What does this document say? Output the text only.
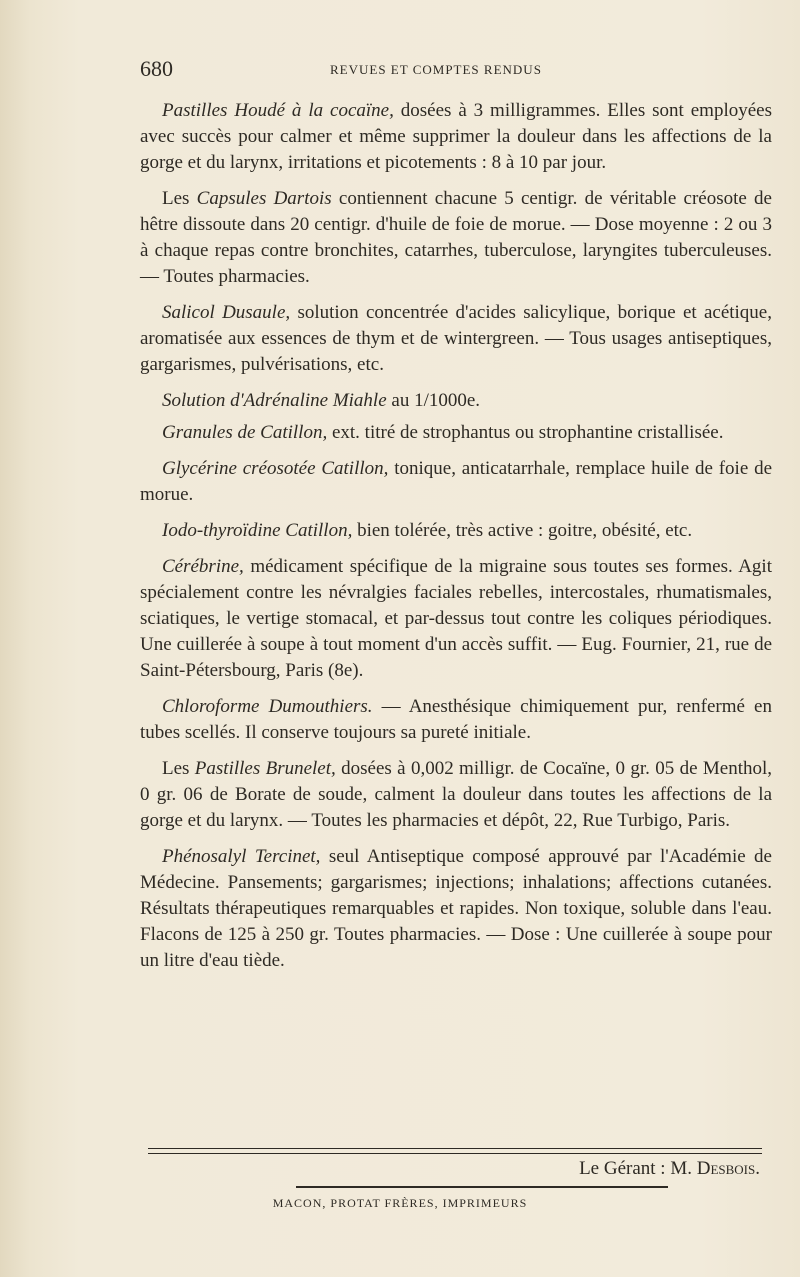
680	REVUES ET COMPTES RENDUS

Pastilles Houdé à la cocaïne, dosées à 3 milligrammes. Elles sont employées avec succès pour calmer et même supprimer la douleur dans les affections de la gorge et du larynx, irritations et picotements : 8 à 10 par jour.

Les Capsules Dartois contiennent chacune 5 centigr. de véritable créosote de hêtre dissoute dans 20 centigr. d'huile de foie de morue. — Dose moyenne : 2 ou 3 à chaque repas contre bronchites, catarrhes, tuberculose, laryngites tuberculeuses. — Toutes pharmacies.

Salicol Dusaule, solution concentrée d'acides salicylique, borique et acétique, aromatisée aux essences de thym et de wintergreen. — Tous usages antiseptiques, gargarismes, pulvérisations, etc.

Solution d'Adrénaline Miahle au 1/1000e.

Granules de Catillon, ext. titré de strophantus ou strophantine cristallisée.

Glycérine créosotée Catillon, tonique, anticatarrhale, remplace huile de foie de morue.

Iodo-thyroïdine Catillon, bien tolérée, très active : goitre, obésité, etc.

Cérébrine, médicament spécifique de la migraine sous toutes ses formes. Agit spécialement contre les névralgies faciales rebelles, intercostales, rhumatismales, sciatiques, le vertige stomacal, et par-dessus tout contre les coliques périodiques. Une cuillerée à soupe à tout moment d'un accès suffit. — Eug. Fournier, 21, rue de Saint-Pétersbourg, Paris (8e).

Chloroforme Dumouthiers. — Anesthésique chimiquement pur, renfermé en tubes scellés. Il conserve toujours sa pureté initiale.

Les Pastilles Brunelet, dosées à 0,002 milligr. de Cocaïne, 0 gr. 05 de Menthol, 0 gr. 06 de Borate de soude, calment la douleur dans toutes les affections de la gorge et du larynx. — Toutes les pharmacies et dépôt, 22, Rue Turbigo, Paris.

Phénosalyl Tercinet, seul Antiseptique composé approuvé par l'Académie de Médecine. Pansements; gargarismes; injections; inhalations; affections cutanées. Résultats thérapeutiques remarquables et rapides. Non toxique, soluble dans l'eau. Flacons de 125 à 250 gr. Toutes pharmacies. — Dose : Une cuillerée à soupe pour un litre d'eau tiède.

Le Gérant : M. Desbois.
MACON, PROTAT FRÈRES, IMPRIMEURS
